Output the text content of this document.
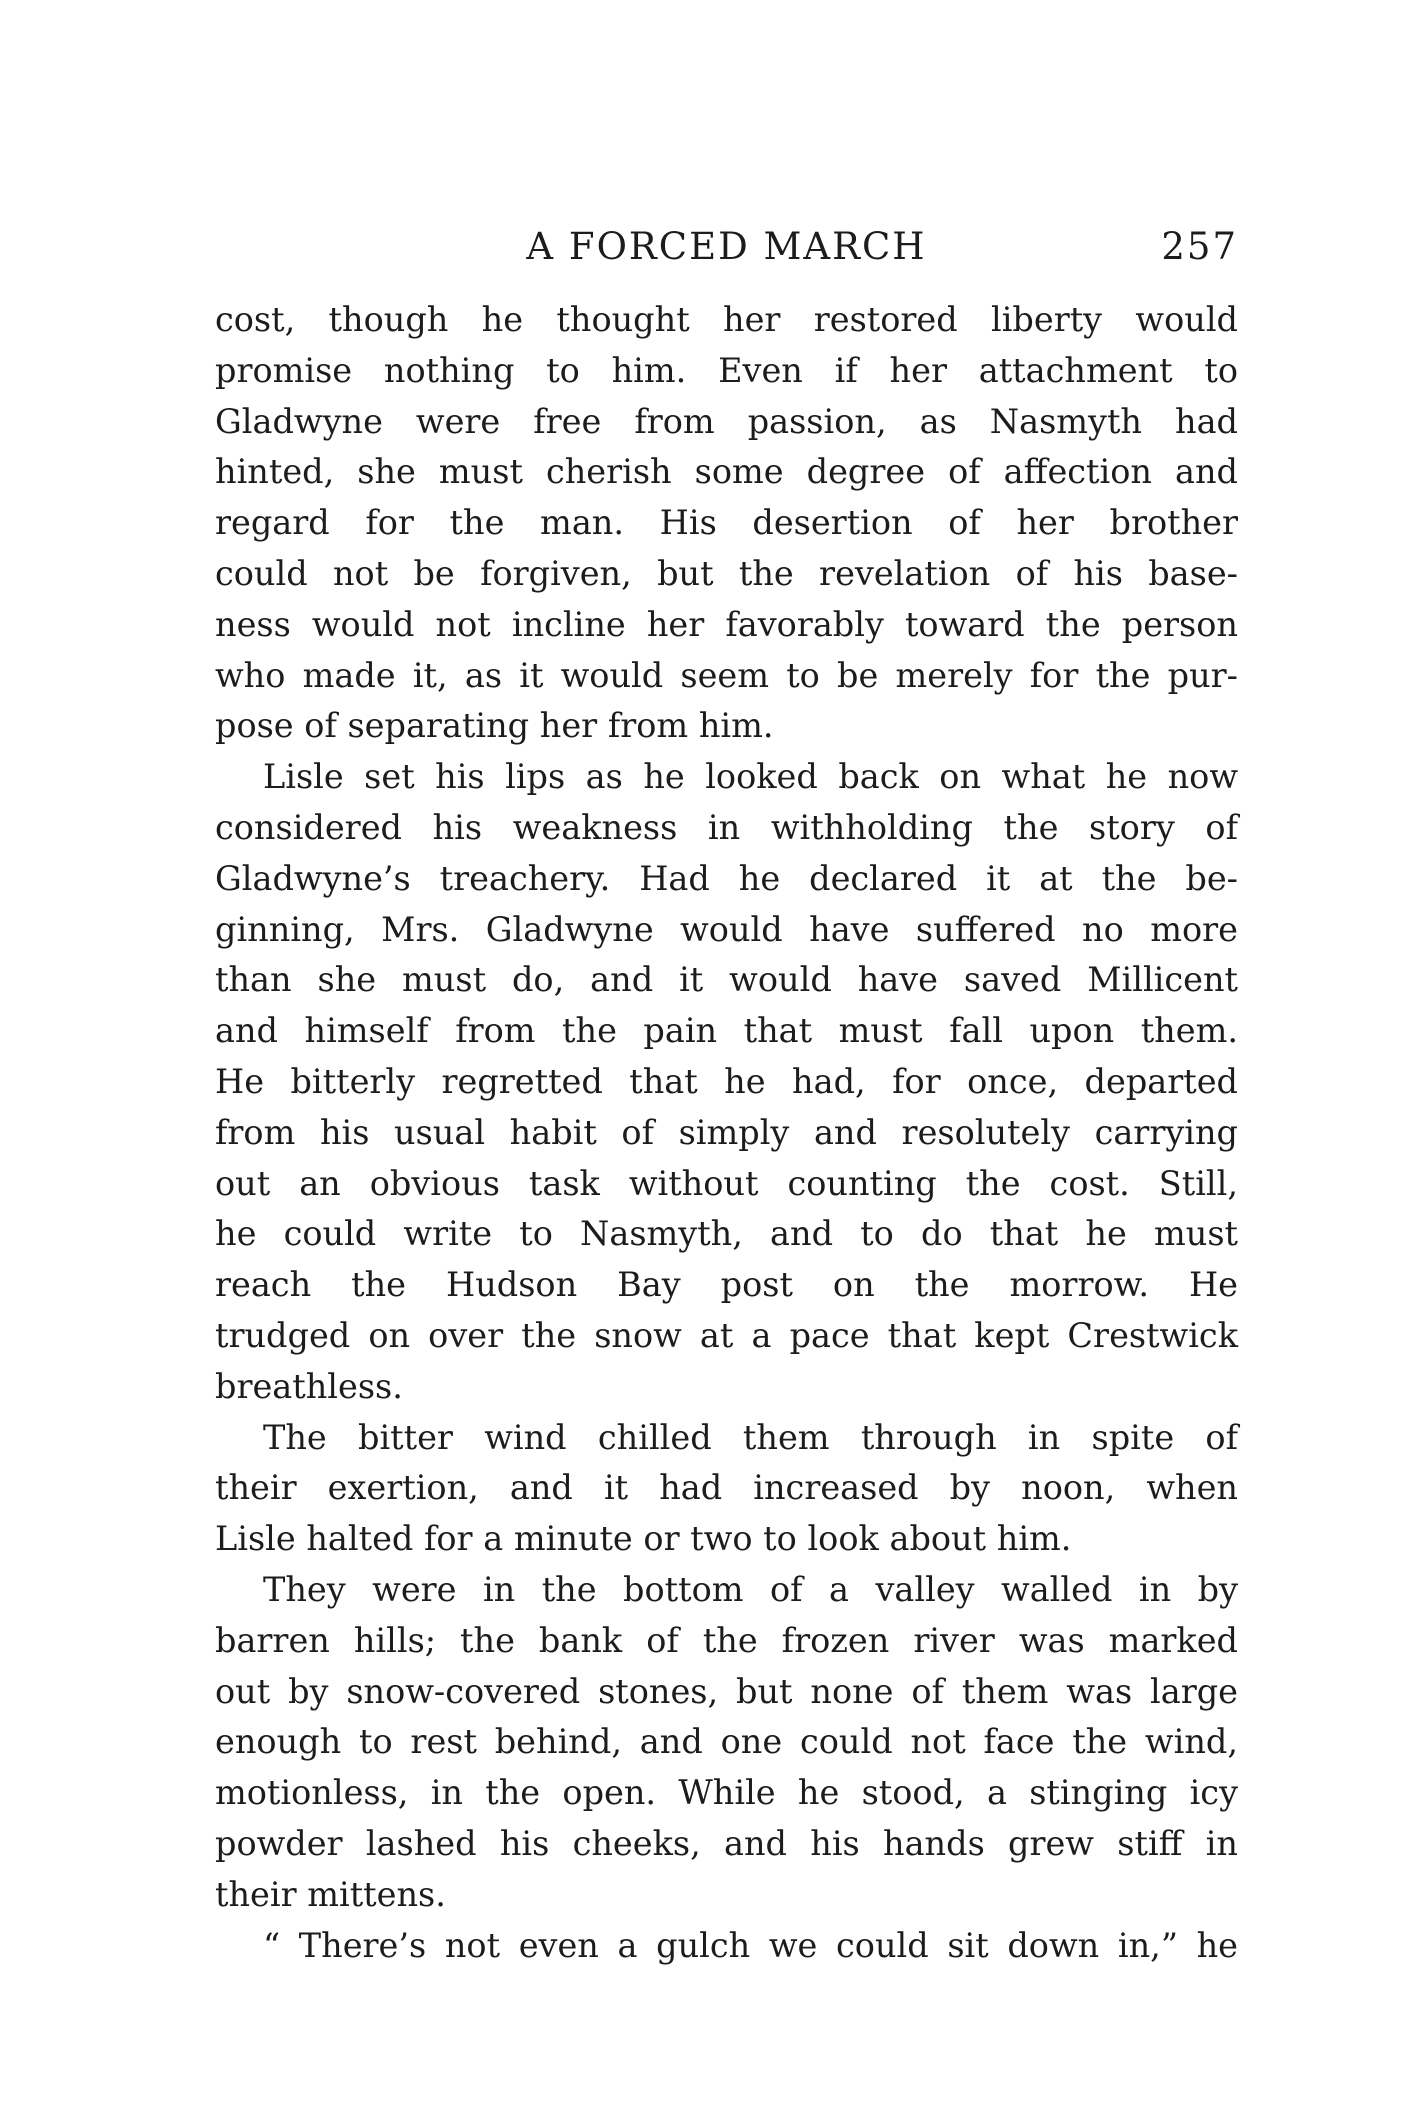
A FORCED MARCH	257
cost, though he thought her restored liberty would
promise nothing to him. Even if her attachment to
Gladwyne were free from passion, as Nasmyth had
hinted, she must cherish some degree of affection and
regard for the man. His desertion of her brother
could not be forgiven, but the revelation of his base-
ness would not incline her favorably toward the person
who made it, as it would seem to be merely for the pur-
pose of separating her from him.
Lisle set his lips as he looked back on what he now
considered his weakness in withholding the story of
Gladwyne’s treachery. Had he declared it at the be-
ginning, Mrs. Gladwyne would have suffered no more
than she must do, and it would have saved Millicent
and himself from the pain that must fall upon them.
He bitterly regretted that he had, for once, departed
from his usual habit of simply and resolutely carrying
out an obvious task without counting the cost. Still,
he could write to Nasmyth, and to do that he must
reach the Hudson Bay post on the morrow. He
trudged on over the snow at a pace that kept Crestwick
breathless.
The bitter wind chilled them through in spite of
their exertion, and it had increased by noon, when
Lisle halted for a minute or two to look about him.
They were in the bottom of a valley walled in by
barren hills; the bank of the frozen river was marked
out by snow-covered stones, but none of them was large
enough to rest behind, and one could not face the wind,
motionless, in the open. While he stood, a stinging icy
powder lashed his cheeks, and his hands grew stiff in
their mittens.
“ There’s not even a gulch we could sit down in,” he
